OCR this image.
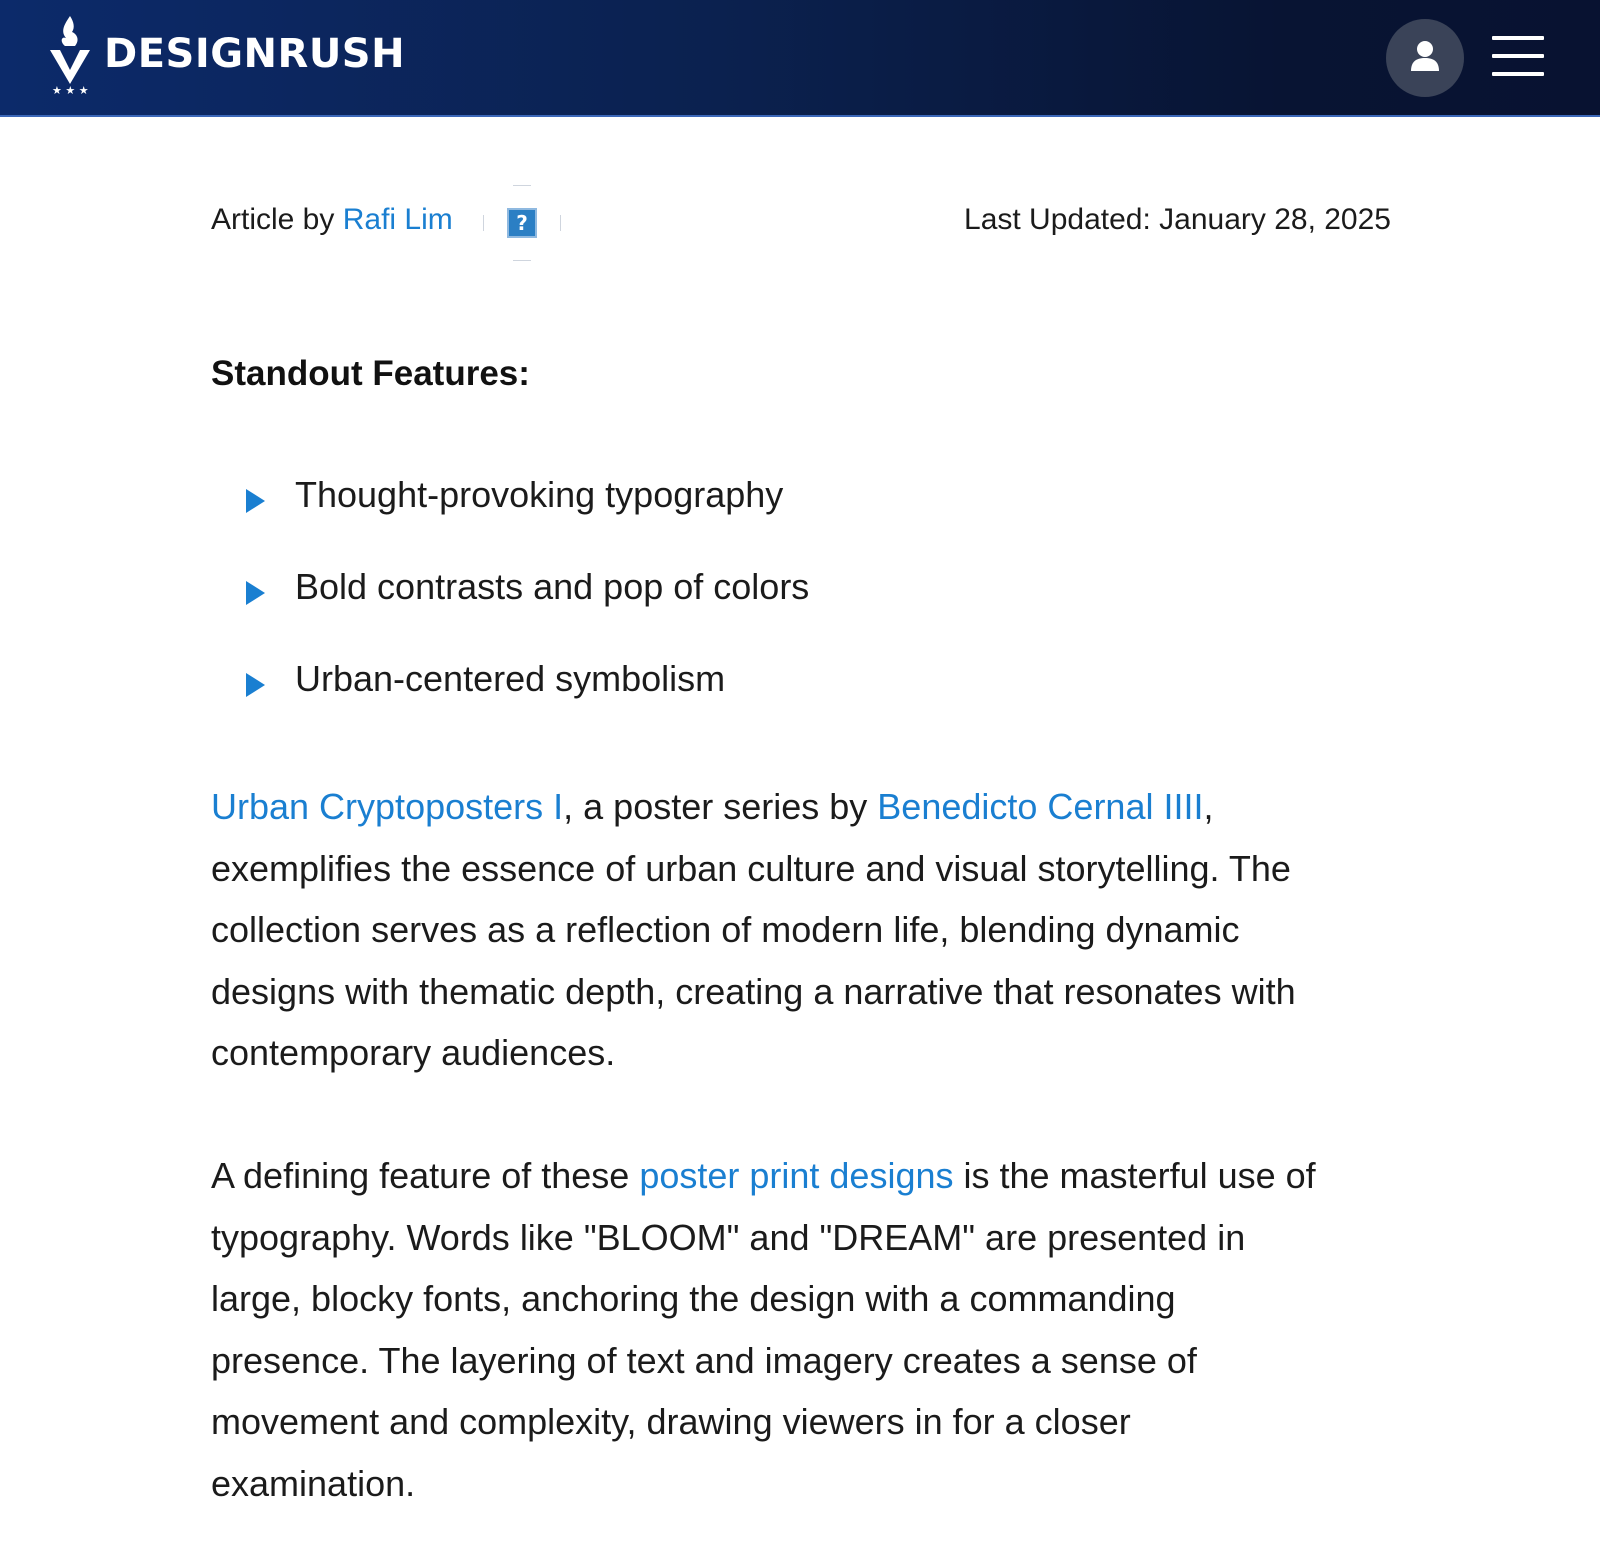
★ ★ ★
DESIGNRUSH
Article by Rafi Lim	?	Last Updated: January 28, 2025
Standout Features:
Thought-provoking typography
Bold contrasts and pop of colors
Urban-centered symbolism

Urban Cryptoposters I, a poster series by Benedicto Cernal IIII,
exemplifies the essence of urban culture and visual storytelling. The
collection serves as a reflection of modern life, blending dynamic
designs with thematic depth, creating a narrative that resonates with
contemporary audiences.

A defining feature of these poster print designs is the masterful use of
typography. Words like "BLOOM" and "DREAM" are presented in
large, blocky fonts, anchoring the design with a commanding
presence. The layering of text and imagery creates a sense of
movement and complexity, drawing viewers in for a closer
examination.
